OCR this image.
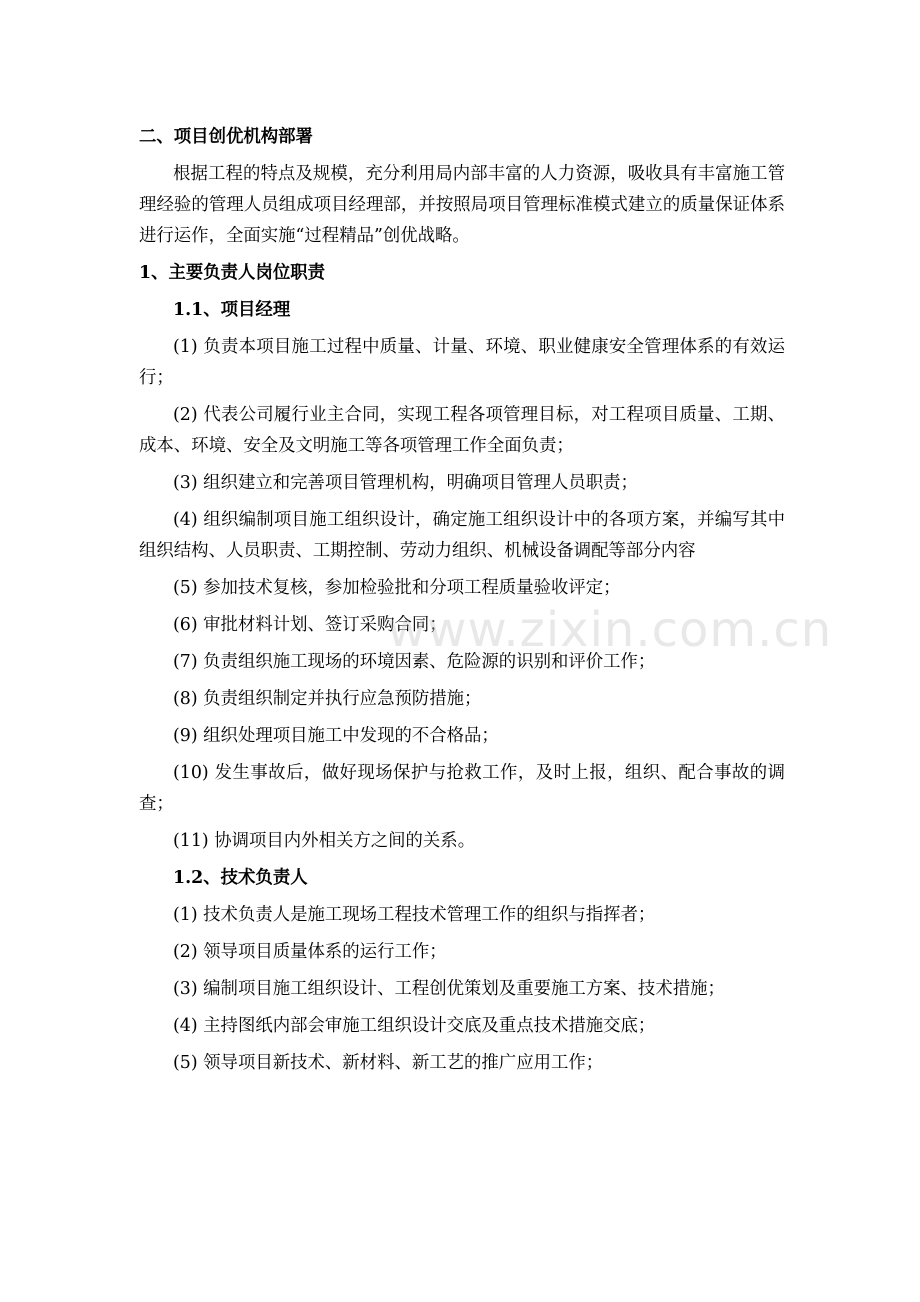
二、项目创优机构部署

根据工程的特点及规模，充分利用局内部丰富的人力资源，吸收具有丰富施工管理经验的管理人员组成项目经理部，并按照局项目管理标准模式建立的质量保证体系进行运作，全面实施“过程精品”创优战略。

1、主要负责人岗位职责

1.1、项目经理

(1) 负责本项目施工过程中质量、计量、环境、职业健康安全管理体系的有效运行；

(2) 代表公司履行业主合同，实现工程各项管理目标，对工程项目质量、工期、成本、环境、安全及文明施工等各项管理工作全面负责；

(3) 组织建立和完善项目管理机构，明确项目管理人员职责；

(4) 组织编制项目施工组织设计，确定施工组织设计中的各项方案，并编写其中组织结构、人员职责、工期控制、劳动力组织、机械设备调配等部分内容

(5) 参加技术复核，参加检验批和分项工程质量验收评定；

(6) 审批材料计划、签订采购合同；

(7) 负责组织施工现场的环境因素、危险源的识别和评价工作；

(8) 负责组织制定并执行应急预防措施；

(9) 组织处理项目施工中发现的不合格品；

(10) 发生事故后，做好现场保护与抢救工作，及时上报，组织、配合事故的调查；

(11) 协调项目内外相关方之间的关系。

1.2、技术负责人

(1) 技术负责人是施工现场工程技术管理工作的组织与指挥者；

(2) 领导项目质量体系的运行工作；

(3) 编制项目施工组织设计、工程创优策划及重要施工方案、技术措施；

(4) 主持图纸内部会审施工组织设计交底及重点技术措施交底；

(5) 领导项目新技术、新材料、新工艺的推广应用工作；

www.zixin.com.cn
